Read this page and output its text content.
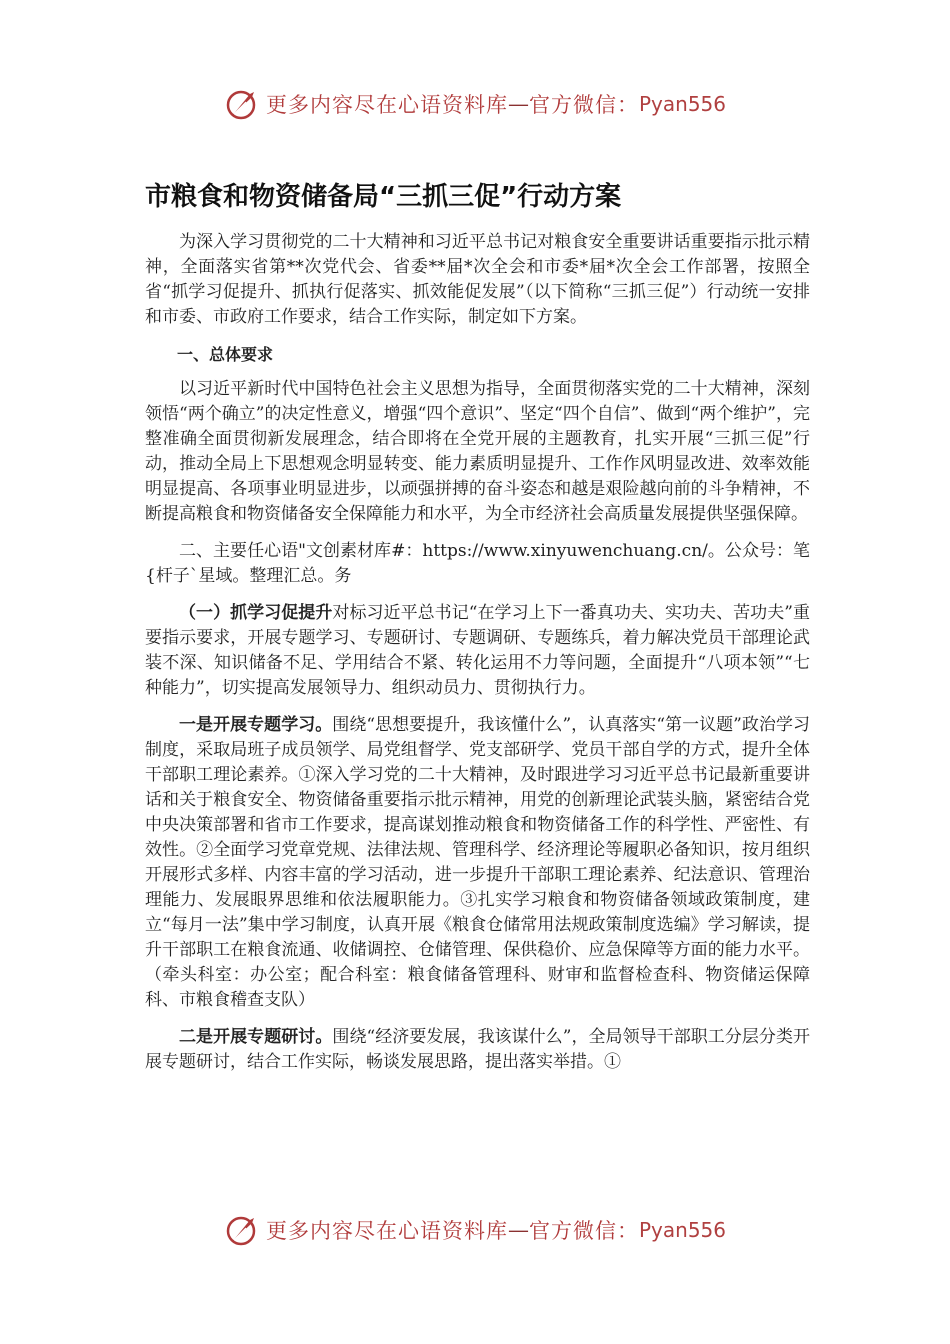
更多内容尽在心语资料库 — 官方微信： Pyan556
市粮食和物资储备局“三抓三促”行动方案

为深入学习贯彻党的二十大精神和习近平总书记对粮食安全重要讲话重要指示批示精神，全面落实省第**次党代会、省委**届*次全会和市委*届*次全会工作部署，按照全省“抓学习促提升、抓执行促落实、抓效能促发展”（以下简称“三抓三促”）行动统一安排和市委、市政府工作要求，结合工作实际，制定如下方案。

一、总体要求

以习近平新时代中国特色社会主义思想为指导，全面贯彻落实党的二十大精神，深刻领悟“两个确立”的决定性意义，增强“四个意识”、坚定“四个自信”、做到“两个维护”，完整准确全面贯彻新发展理念，结合即将在全党开展的主题教育，扎实开展“三抓三促”行动，推动全局上下思想观念明显转变、能力素质明显提升、工作作风明显改进、效率效能明显提高、各项事业明显进步，以顽强拼搏的奋斗姿态和越是艰险越向前的斗争精神，不断提高粮食和物资储备安全保障能力和水平，为全市经济社会高质量发展提供坚强保障。

二、主要任心语"文创素材库#：https://www.xinyuwenchuang.cn/。公众号：笔{杆子`星域。整理汇总。务

（一）抓学习促提升对标习近平总书记“在学习上下一番真功夫、实功夫、苦功夫”重要指示要求，开展专题学习、专题研讨、专题调研、专题练兵，着力解决党员干部理论武装不深、知识储备不足、学用结合不紧、转化运用不力等问题，全面提升“八项本领”“七种能力”，切实提高发展领导力、组织动员力、贯彻执行力。

一是开展专题学习。围绕“思想要提升，我该懂什么”，认真落实“第一议题”政治学习制度，采取局班子成员领学、局党组督学、党支部研学、党员干部自学的方式，提升全体干部职工理论素养。①深入学习党的二十大精神，及时跟进学习习近平总书记最新重要讲话和关于粮食安全、物资储备重要指示批示精神，用党的创新理论武装头脑，紧密结合党中央决策部署和省市工作要求，提高谋划推动粮食和物资储备工作的科学性、严密性、有效性。②全面学习党章党规、法律法规、管理科学、经济理论等履职必备知识，按月组织开展形式多样、内容丰富的学习活动，进一步提升干部职工理论素养、纪法意识、管理治理能力、发展眼界思维和依法履职能力。③扎实学习粮食和物资储备领域政策制度，建立“每月一法”集中学习制度，认真开展《粮食仓储常用法规政策制度选编》学习解读，提升干部职工在粮食流通、收储调控、仓储管理、保供稳价、应急保障等方面的能力水平。（牵头科室：办公室；配合科室：粮食储备管理科、财审和监督检查科、物资储运保障科、市粮食稽查支队）

二是开展专题研讨。围绕“经济要发展，我该谋什么”，全局领导干部职工分层分类开展专题研讨，结合工作实际，畅谈发展思路，提出落实举措。①

更多内容尽在心语资料库 — 官方微信： Pyan556
